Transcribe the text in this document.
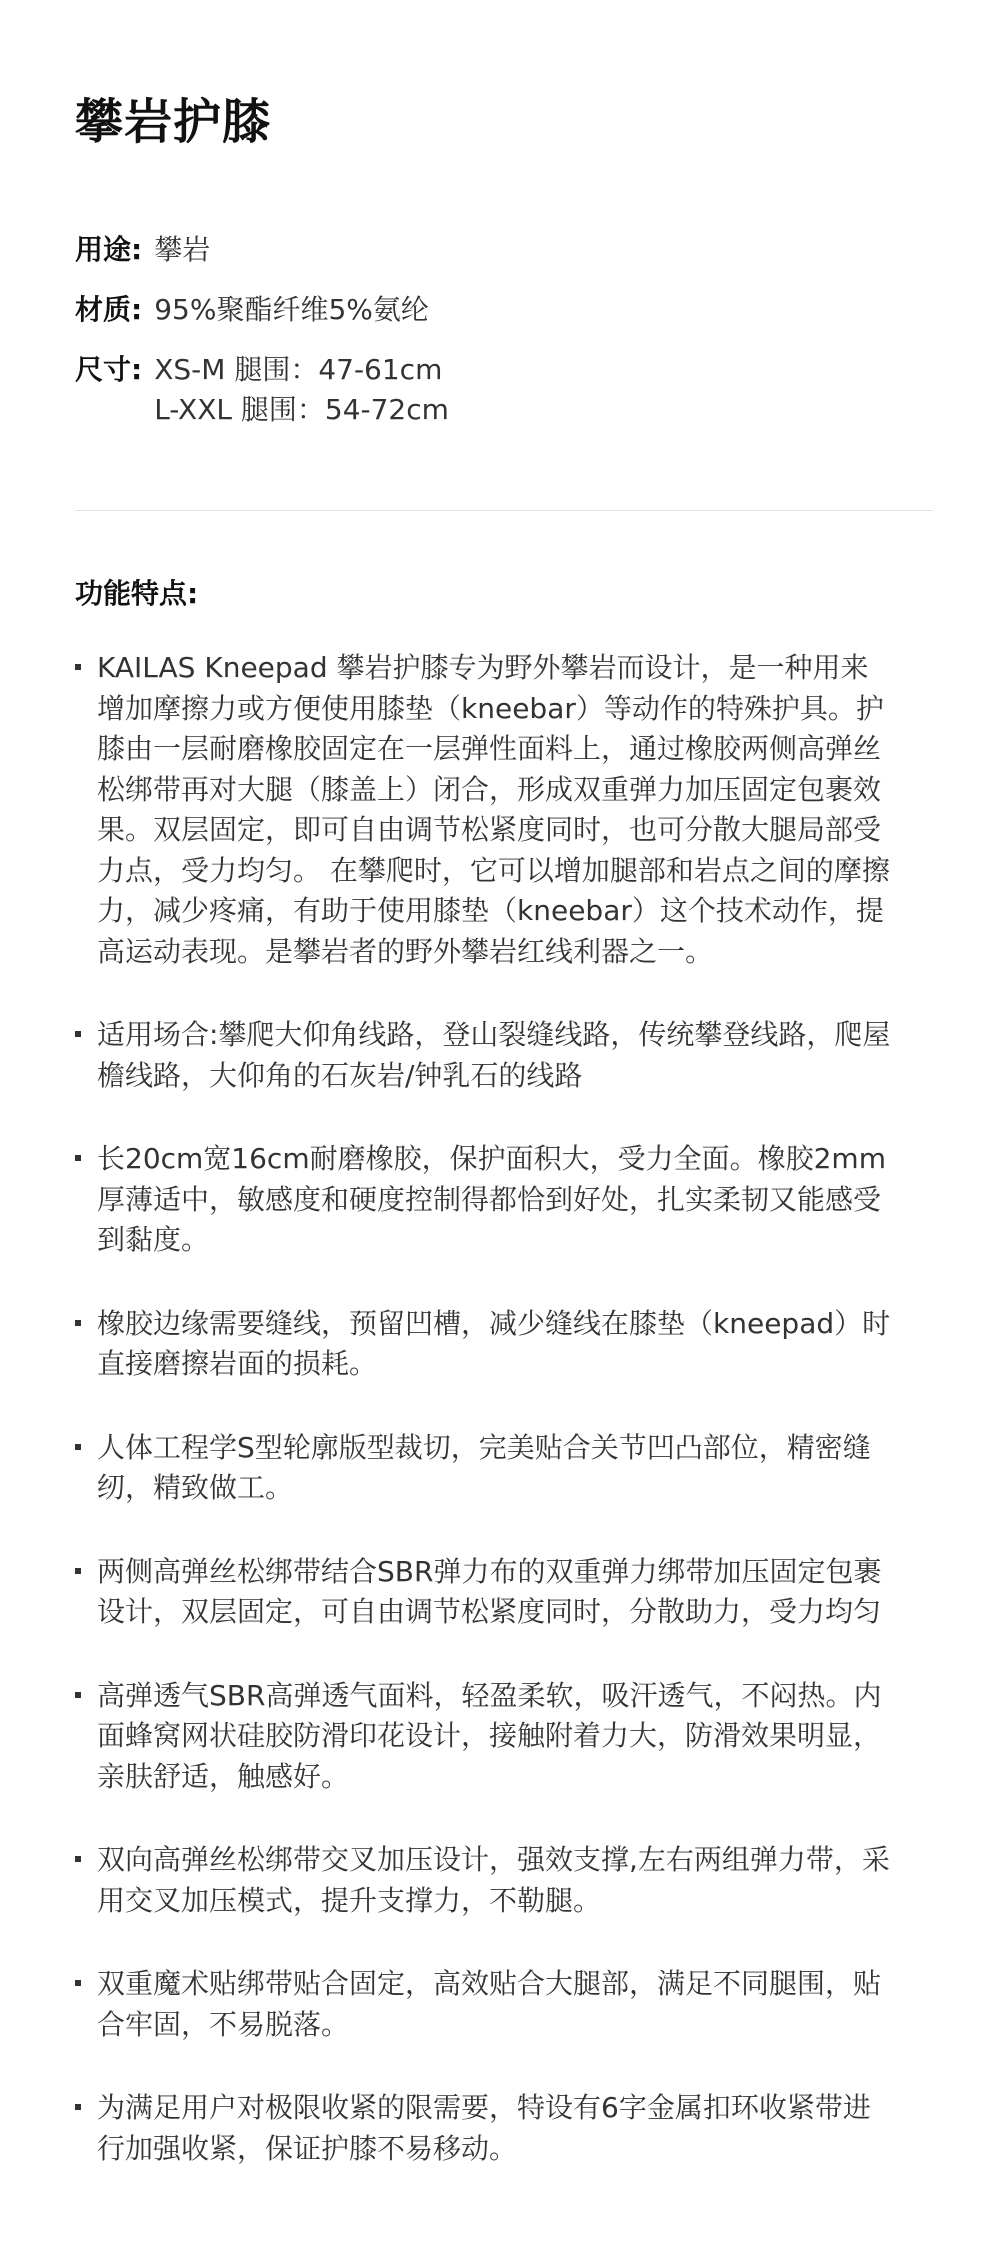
攀岩护膝
用途: 攀岩
材质: 95%聚酯纤维5%氨纶
尺寸: XS-M 腿围：47-61cm
L-XXL 腿围：54-72cm
功能特点:
KAILAS Kneepad 攀岩护膝专为野外攀岩而设计，是一种用来增加摩擦力或方便使用膝垫（kneebar）等动作的特殊护具。护膝由一层耐磨橡胶固定在一层弹性面料上，通过橡胶两侧高弹丝松绑带再对大腿（膝盖上）闭合，形成双重弹力加压固定包裹效果。双层固定，即可自由调节松紧度同时，也可分散大腿局部受力点，受力均匀。 在攀爬时，它可以增加腿部和岩点之间的摩擦力，减少疼痛，有助于使用膝垫（kneebar）这个技术动作，提高运动表现。是攀岩者的野外攀岩红线利器之一。
适用场合:攀爬大仰角线路，登山裂缝线路，传统攀登线路，爬屋檐线路，大仰角的石灰岩/钟乳石的线路
长20cm宽16cm耐磨橡胶，保护面积大，受力全面。橡胶2mm厚薄适中，敏感度和硬度控制得都恰到好处，扎实柔韧又能感受到黏度。
橡胶边缘需要缝线，预留凹槽，减少缝线在膝垫（kneepad）时直接磨擦岩面的损耗。
人体工程学S型轮廓版型裁切，完美贴合关节凹凸部位，精密缝纫，精致做工。
两侧高弹丝松绑带结合SBR弹力布的双重弹力绑带加压固定包裹设计，双层固定，可自由调节松紧度同时，分散助力，受力均匀
高弹透气SBR高弹透气面料，轻盈柔软，吸汗透气，不闷热。内面蜂窝网状硅胶防滑印花设计，接触附着力大，防滑效果明显，亲肤舒适，触感好。
双向高弹丝松绑带交叉加压设计，强效支撑,左右两组弹力带，采用交叉加压模式，提升支撑力，不勒腿。
双重魔术贴绑带贴合固定，高效贴合大腿部，满足不同腿围，贴合牢固，不易脱落。
为满足用户对极限收紧的限需要，特设有6字金属扣环收紧带进行加强收紧，保证护膝不易移动。
